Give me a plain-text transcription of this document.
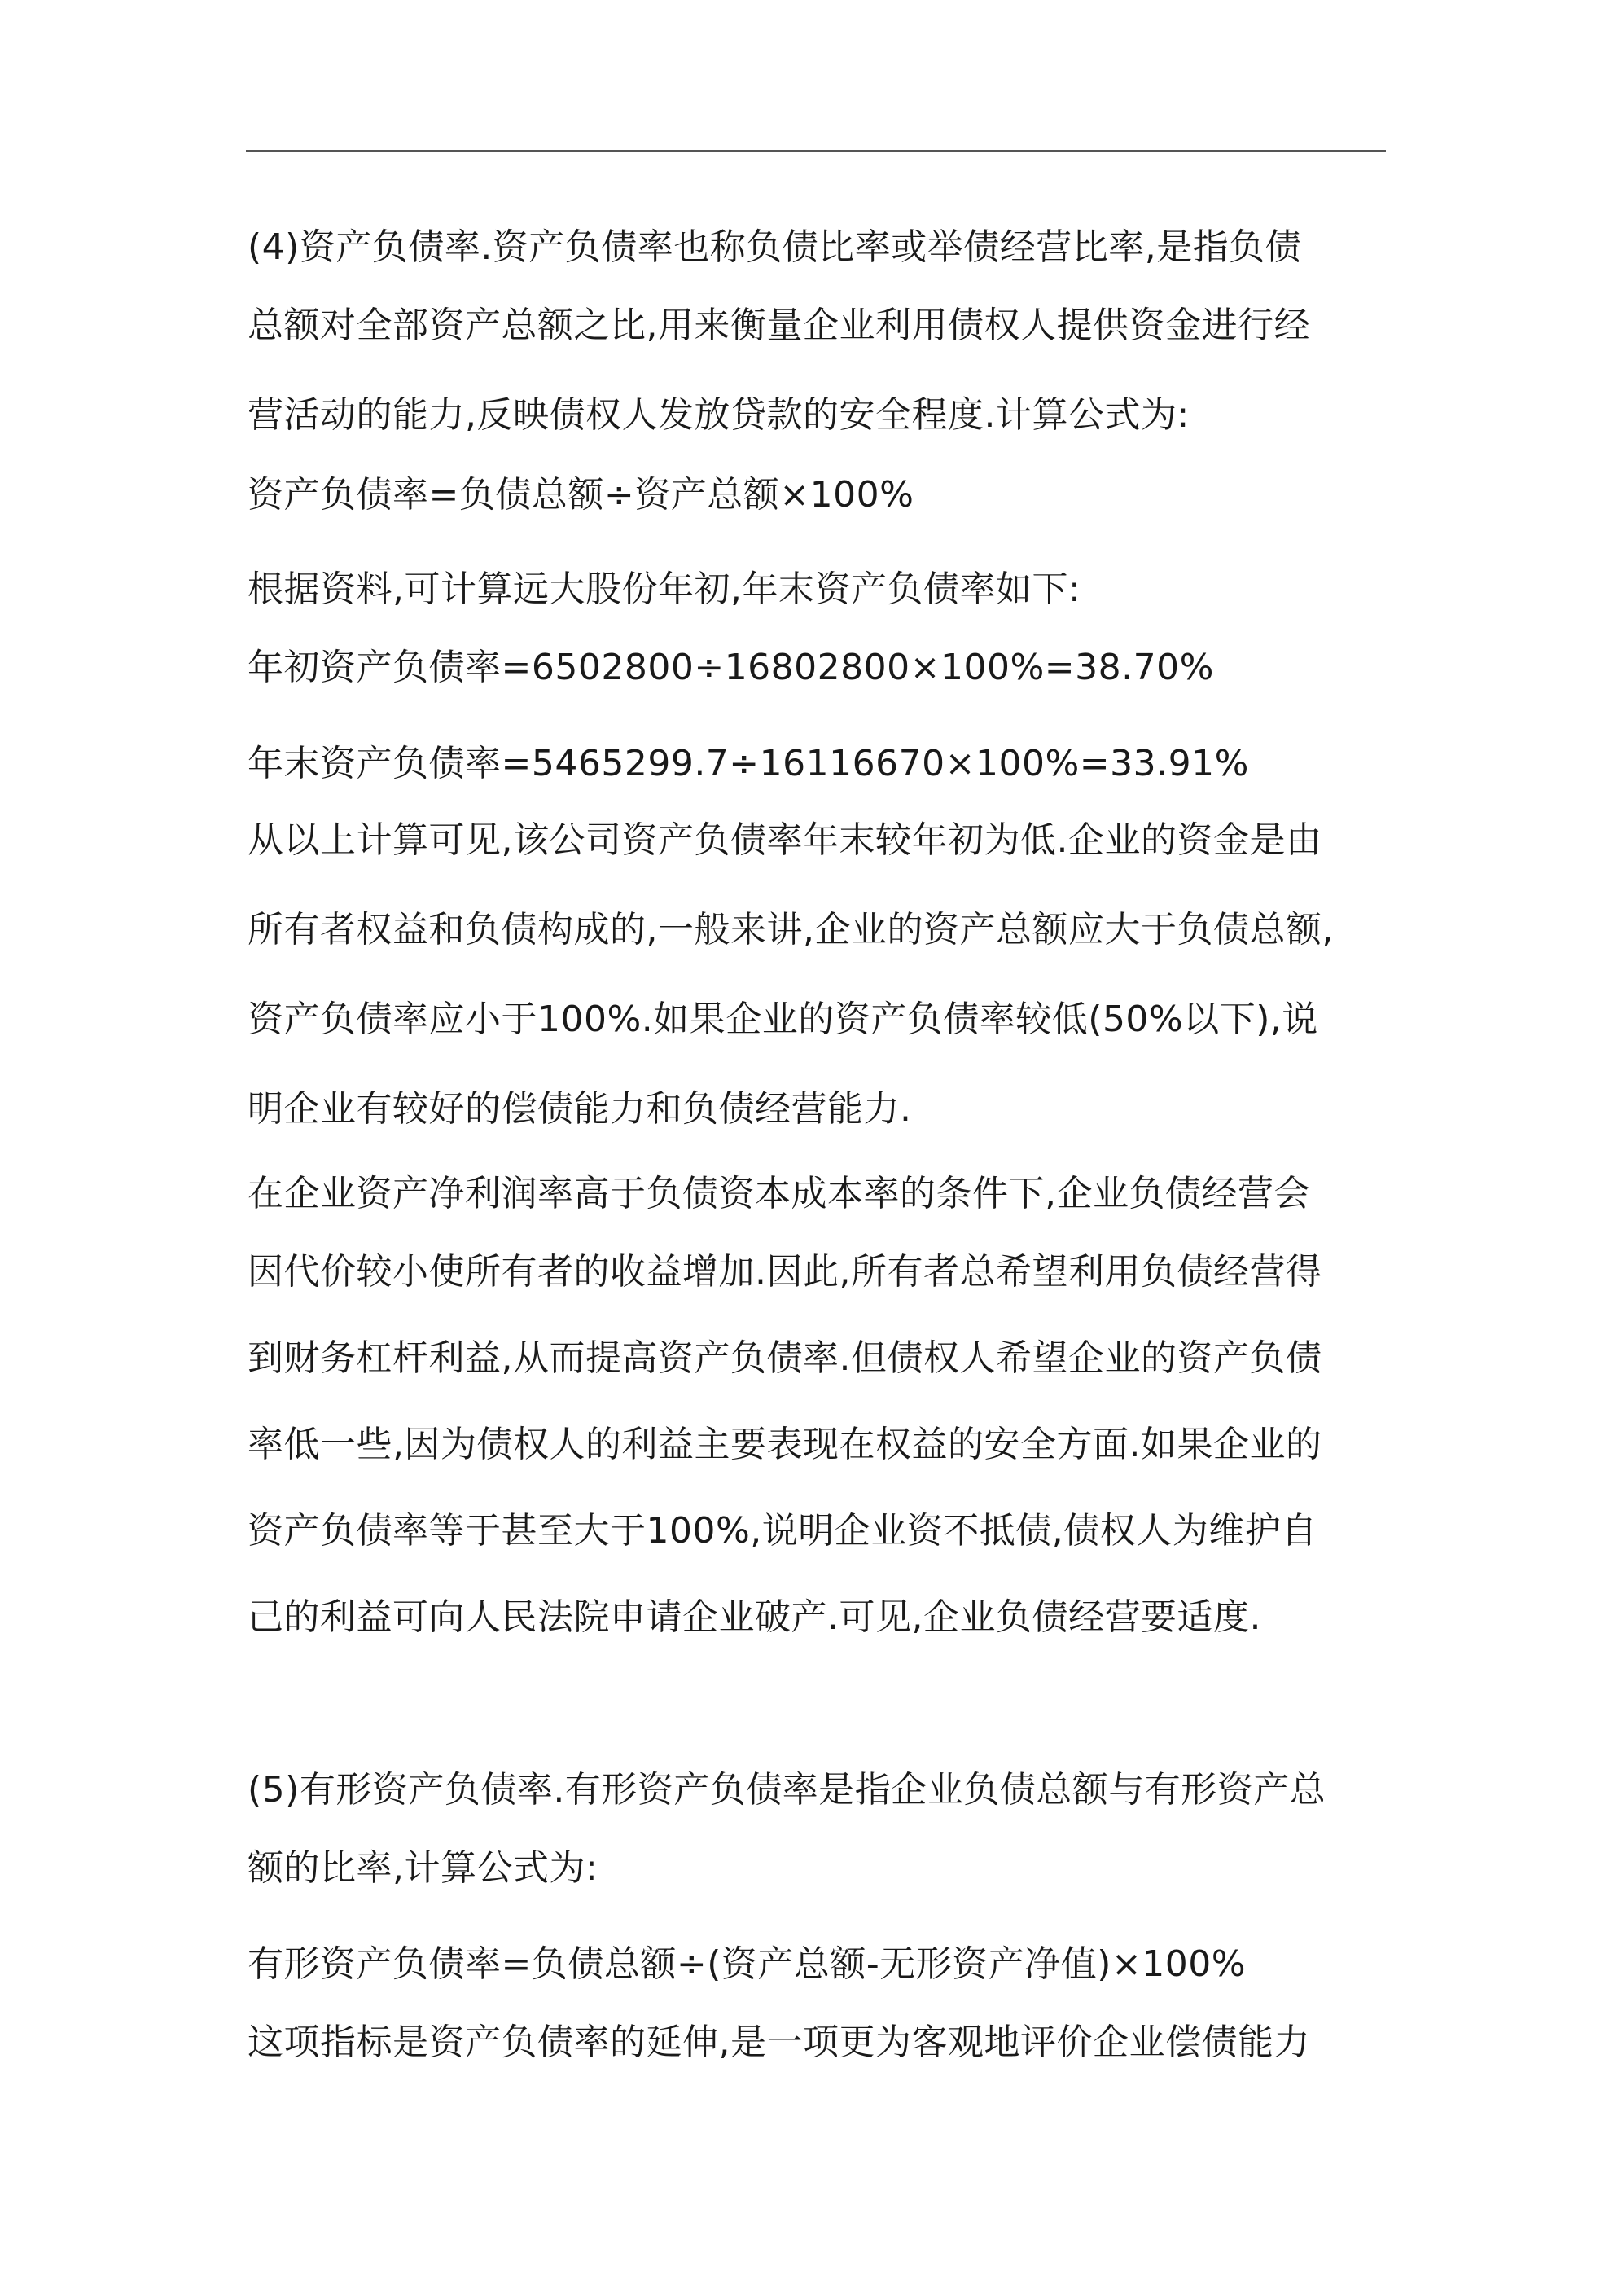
(4)资产负债率.资产负债率也称负债比率或举债经营比率,是指负债
总额对全部资产总额之比,用来衡量企业利用债权人提供资金进行经
营活动的能力,反映债权人发放贷款的安全程度.计算公式为:
资产负债率=负债总额÷资产总额×100%
根据资料,可计算远大股份年初,年末资产负债率如下:
年初资产负债率=6502800÷16802800×100%=38.70%
年末资产负债率=5465299.7÷16116670×100%=33.91%
从以上计算可见,该公司资产负债率年末较年初为低.企业的资金是由
所有者权益和负债构成的,一般来讲,企业的资产总额应大于负债总额,
资产负债率应小于100%.如果企业的资产负债率较低(50%以下),说
明企业有较好的偿债能力和负债经营能力.
在企业资产净利润率高于负债资本成本率的条件下,企业负债经营会
因代价较小使所有者的收益增加.因此,所有者总希望利用负债经营得
到财务杠杆利益,从而提高资产负债率.但债权人希望企业的资产负债
率低一些,因为债权人的利益主要表现在权益的安全方面.如果企业的
资产负债率等于甚至大于100%,说明企业资不抵债,债权人为维护自
己的利益可向人民法院申请企业破产.可见,企业负债经营要适度.
(5)有形资产负债率.有形资产负债率是指企业负债总额与有形资产总
额的比率,计算公式为:
有形资产负债率=负债总额÷(资产总额-无形资产净值)×100%
这项指标是资产负债率的延伸,是一项更为客观地评价企业偿债能力
